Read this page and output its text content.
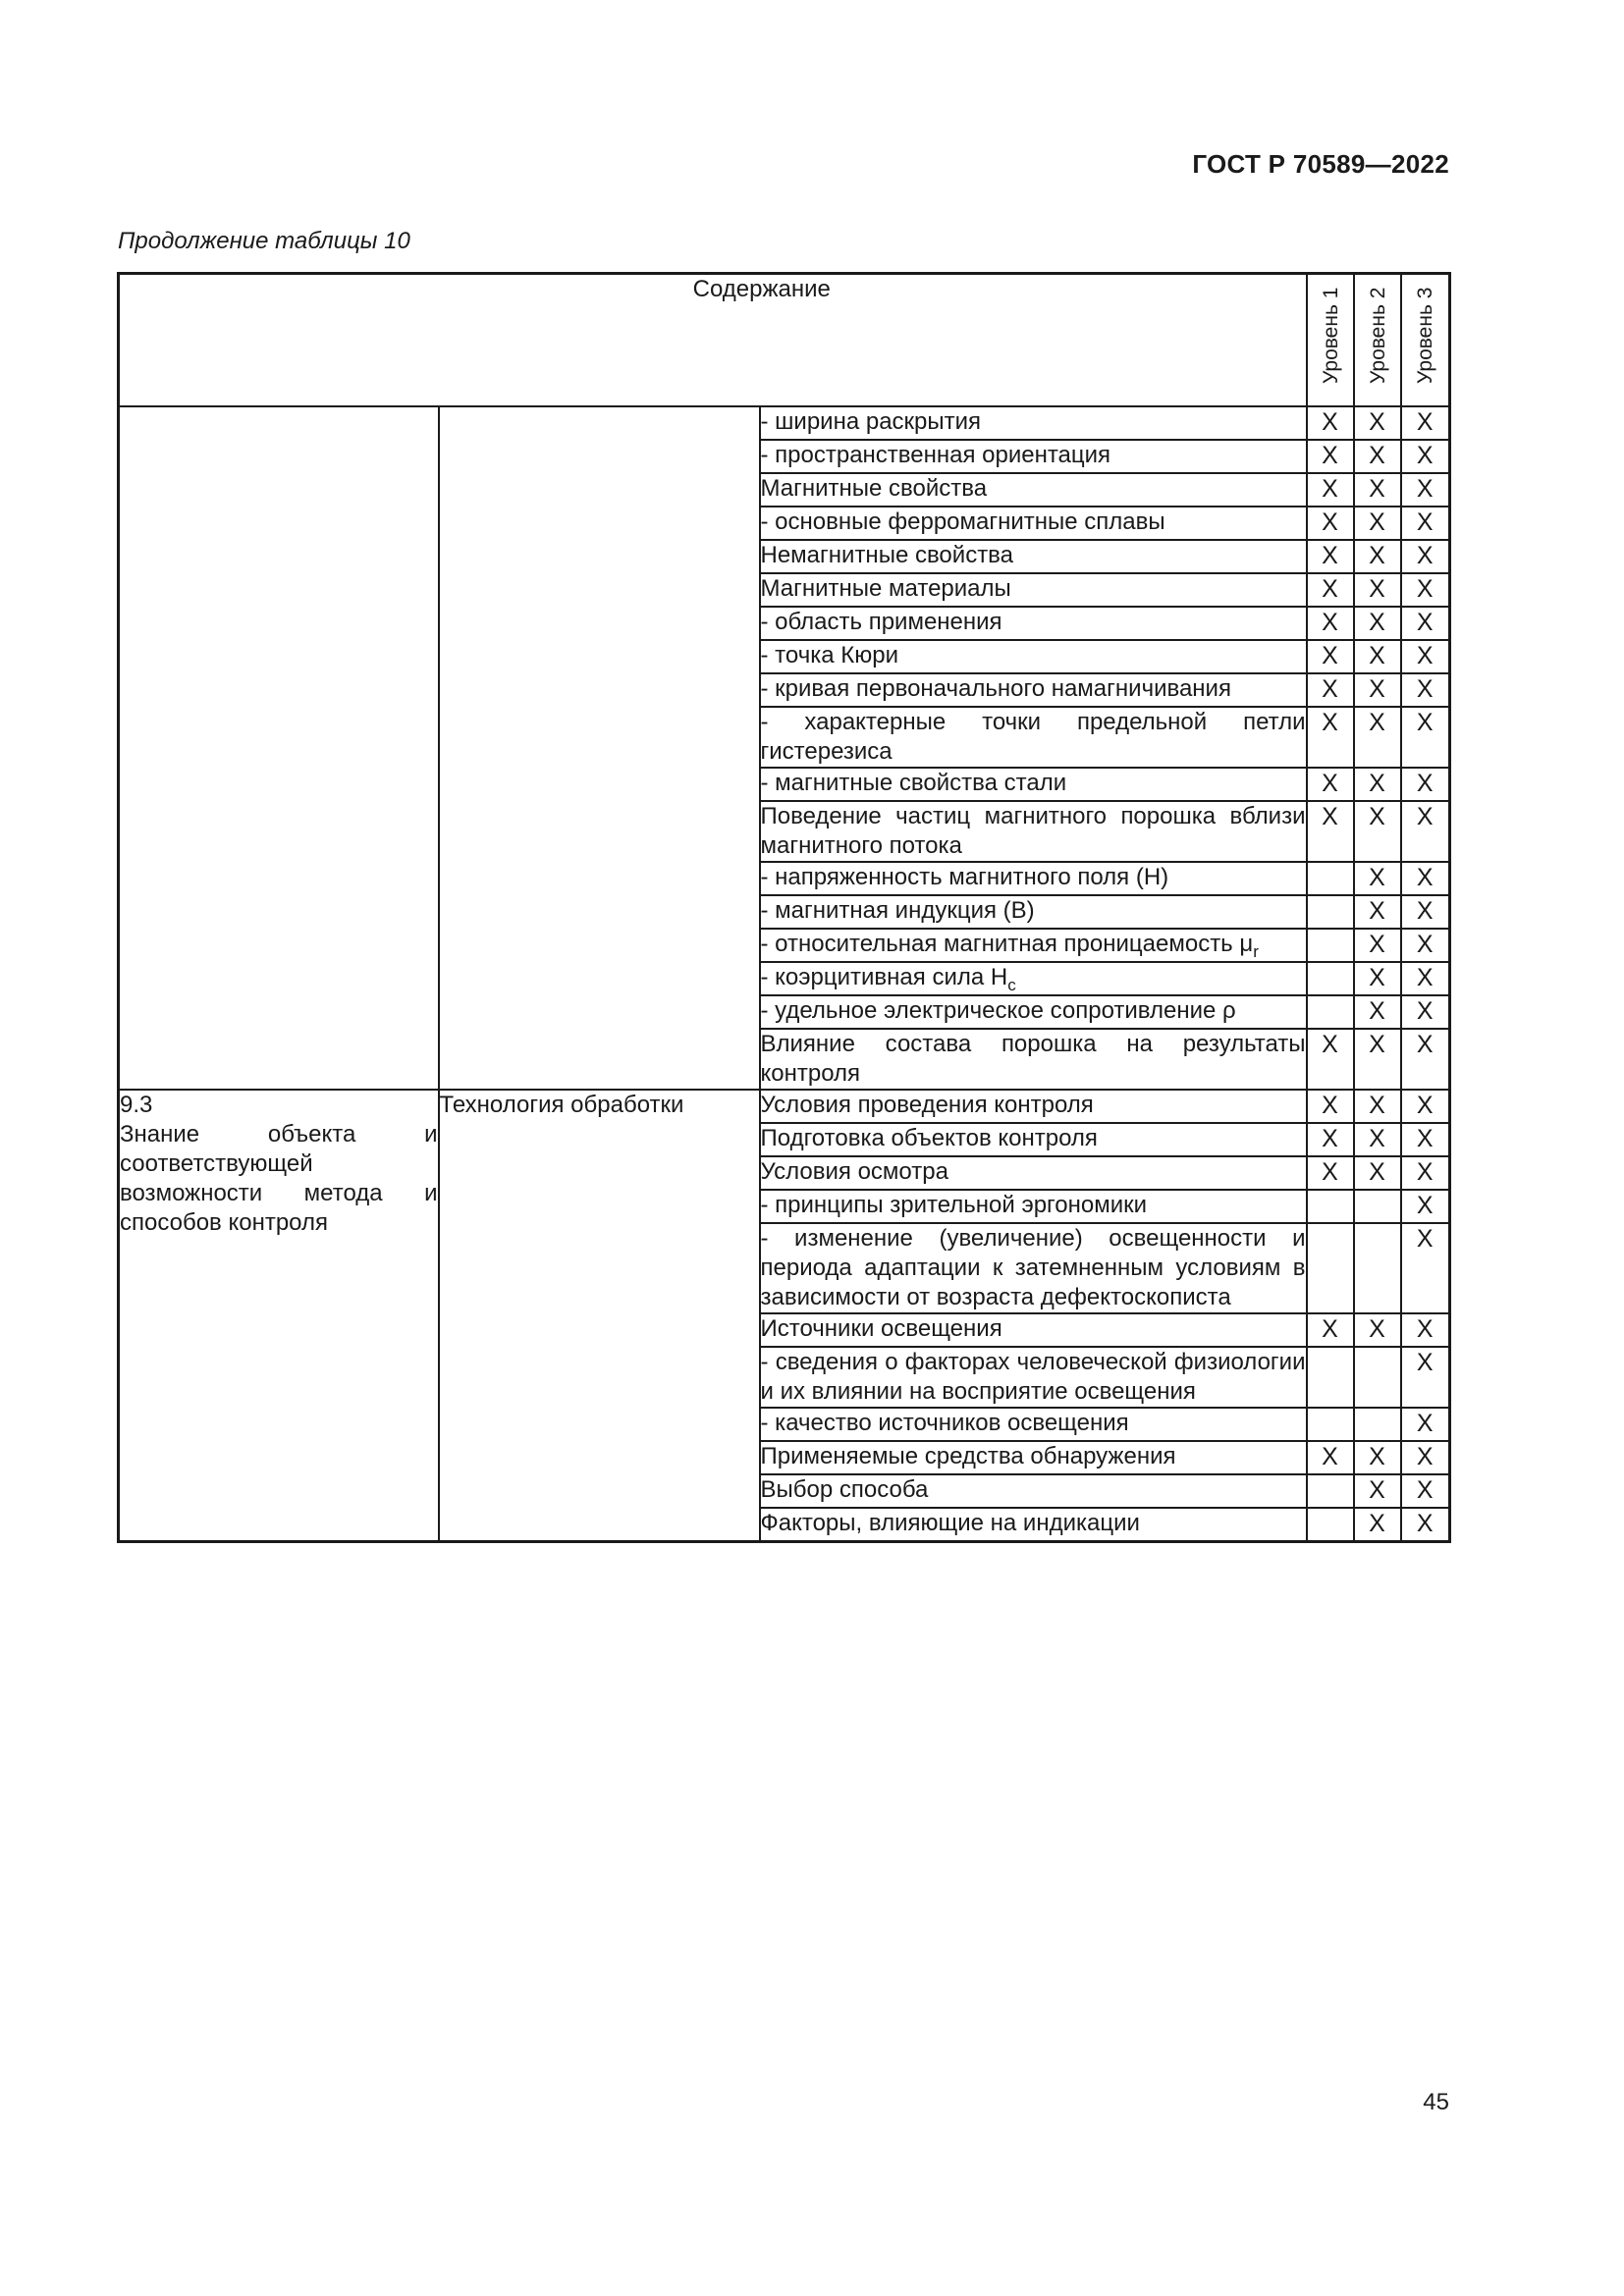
ГОСТ Р 70589—2022
Продолжение таблицы 10
Содержание			Уровень 1	Уровень 2	Уровень 3

		- ширина раскрытия	X	X	X
		- пространственная ориентация	X	X	X
		Магнитные свойства	X	X	X
		- основные ферромагнитные сплавы	X	X	X
		Немагнитные свойства	X	X	X
		Магнитные материалы	X	X	X
		- область применения	X	X	X
		- точка Кюри	X	X	X
		- кривая первоначального намагничивания	X	X	X
		- характерные точки предельной петли гистерезиса	X	X	X
		- магнитные свойства стали	X	X	X
		Поведение частиц магнитного порошка вблизи магнитного потока	X	X	X
		- напряженность магнитного поля (H)		X	X
		- магнитная индукция (B)		X	X
		- относительная магнитная проницаемость $\mu_r$		X	X
		- коэрцитивная сила $H_c$		X	X
		- удельное электрическое сопротивление ρ		X	X
		Влияние состава порошка на результаты контроля	X	X	X

9.3
Знание объекта и соответствующей возможности метода и способов контроля	Технология обработки	Условия проведения контроля	X	X	X
		Подготовка объектов контроля	X	X	X
		Условия осмотра	X	X	X
		- принципы зрительной эргономики			X
		- изменение (увеличение) освещенности и периода адаптации к затемненным условиям в зависимости от возраста дефектоскописта			X
		Источники освещения	X	X	X
		- сведения о факторах человеческой физиологии и их влиянии на восприятие освещения			X
		- качество источников освещения			X
		Применяемые средства обнаружения	X	X	X
		Выбор способа		X	X
		Факторы, влияющие на индикации		X	X
45
